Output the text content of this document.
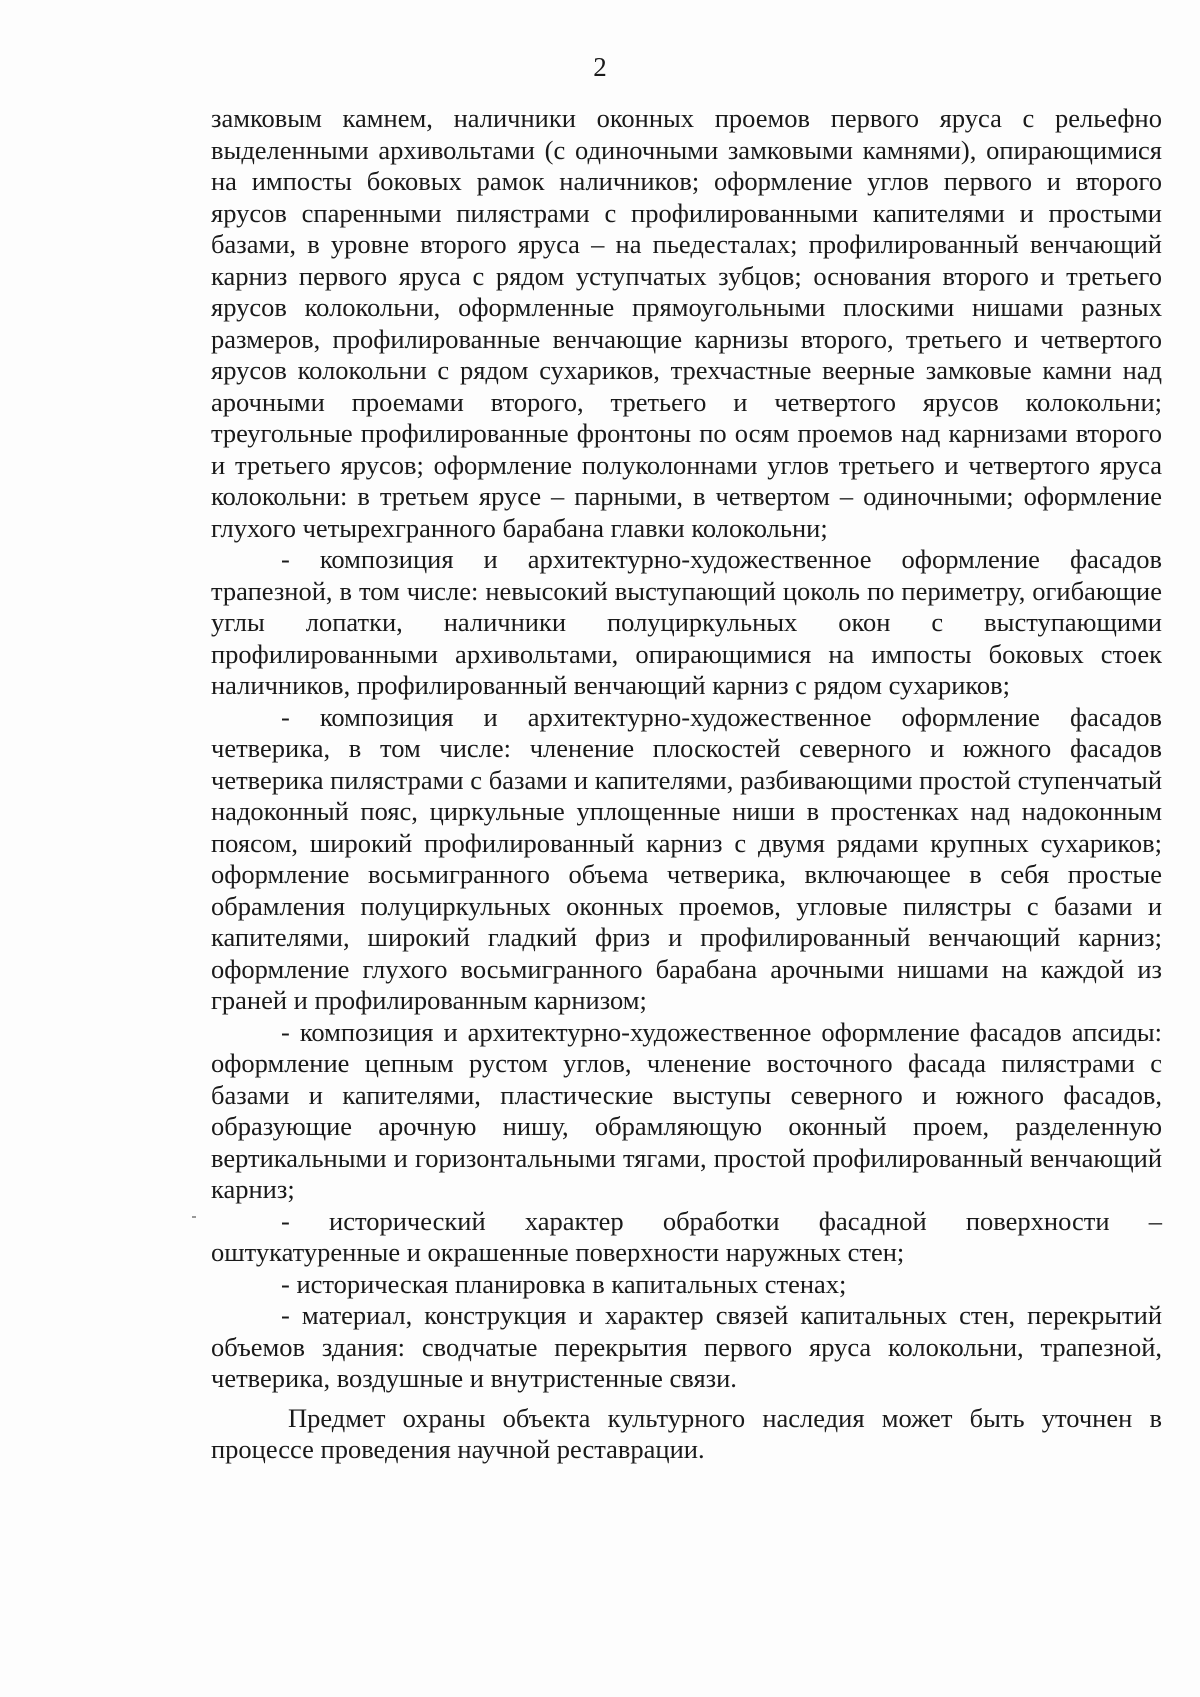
2

замковым камнем, наличники оконных проемов первого яруса с рельефно выделенными архивольтами (с одиночными замковыми камнями), опирающимися на импосты боковых рамок наличников; оформление углов первого и второго ярусов спаренными пилястрами с профилированными капителями и простыми базами, в уровне второго яруса – на пьедесталах; профилированный венчающий карниз первого яруса с рядом уступчатых зубцов; основания второго и третьего ярусов колокольни, оформленные прямоугольными плоскими нишами разных размеров, профилированные венчающие карнизы второго, третьего и четвертого ярусов колокольни с рядом сухариков, трехчастные веерные замковые камни над арочными проемами второго, третьего и четвертого ярусов колокольни; треугольные профилированные фронтоны по осям проемов над карнизами второго и третьего ярусов; оформление полуколоннами углов третьего и четвертого яруса колокольни: в третьем ярусе – парными, в четвертом – одиночными; оформление глухого четырехгранного барабана главки колокольни;

- композиция и архитектурно-художественное оформление фасадов трапезной, в том числе: невысокий выступающий цоколь по периметру, огибающие углы лопатки, наличники полуциркульных окон с выступающими профилированными архивольтами, опирающимися на импосты боковых стоек наличников, профилированный венчающий карниз с рядом сухариков;

- композиция и архитектурно-художественное оформление фасадов четверика, в том числе: членение плоскостей северного и южного фасадов четверика пилястрами с базами и капителями, разбивающими простой ступенчатый надоконный пояс, циркульные уплощенные ниши в простенках над надоконным поясом, широкий профилированный карниз с двумя рядами крупных сухариков; оформление восьмигранного объема четверика, включающее в себя простые обрамления полуциркульных оконных проемов, угловые пилястры с базами и капителями, широкий гладкий фриз и профилированный венчающий карниз; оформление глухого восьмигранного барабана арочными нишами на каждой из граней и профилированным карнизом;

- композиция и архитектурно-художественное оформление фасадов апсиды: оформление цепным рустом углов, членение восточного фасада пилястрами с базами и капителями, пластические выступы северного и южного фасадов, образующие арочную нишу, обрамляющую оконный проем, разделенную вертикальными и горизонтальными тягами, простой профилированный венчающий карниз;

- исторический характер обработки фасадной поверхности – оштукатуренные и окрашенные поверхности наружных стен;

- историческая планировка в капитальных стенах;

- материал, конструкция и характер связей капитальных стен, перекрытий объемов здания: сводчатые перекрытия первого яруса колокольни, трапезной, четверика, воздушные и внутристенные связи.

Предмет охраны объекта культурного наследия может быть уточнен в процессе проведения научной реставрации.
